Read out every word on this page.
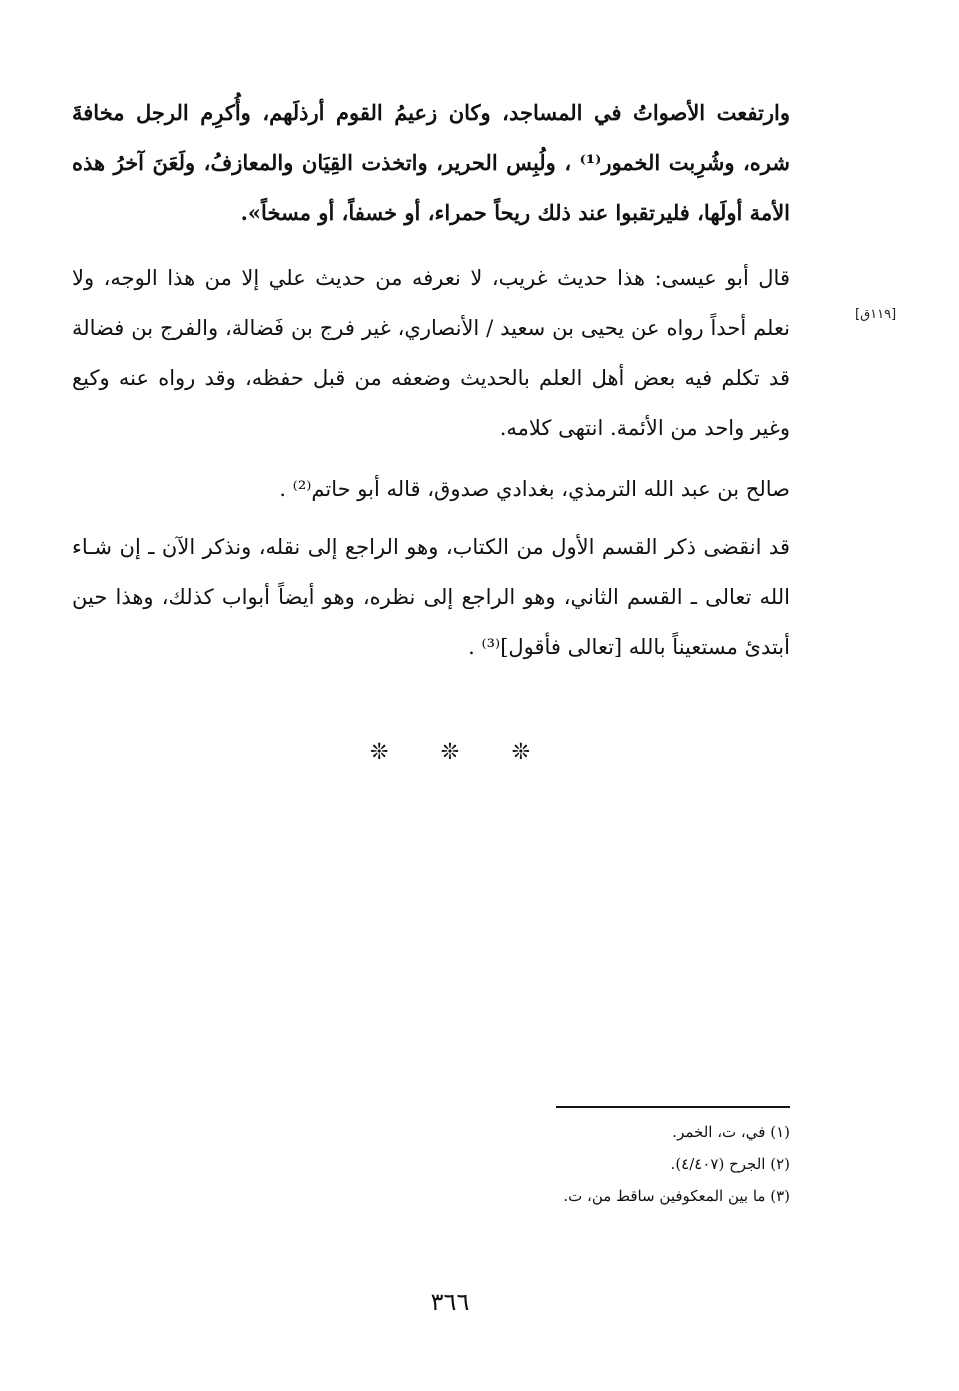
وارتفعت الأصواتُ في المساجد، وكان زعيمُ القوم أرذلَهم، وأُكرِم الرجل مخافةَ شره، وشُرِبت الخمور⁽¹⁾ ، ولُبِس الحرير، واتخذت القِيَان والمعازفُ، ولَعَنَ آخرُ هذه الأمة أولَها، فليرتقبوا عند ذلك ريحاً حمراء، أو خسفاً، أو مسخاً».

قال أبو عيسى: هذا حديث غريب، لا نعرفه من حديث علي إلا من هذا الوجه، ولا نعلم أحداً رواه عن يحيى بن سعيد / الأنصاري، غير فرج بن فَضالة، والفرج بن فضالة قد تكلم فيه بعض أهل العلم بالحديث وضعفه من قبل حفظه، وقد رواه عنه وكيع وغير واحد من الأئمة. انتهى كلامه.

[١١٩ق]

صالح بن عبد الله الترمذي، بغدادي صدوق، قاله أبو حاتم⁽²⁾ .

قد انقضى ذكر القسم الأول من الكتاب، وهو الراجع إلى نقله، ونذكر الآن ـ إن شـاء الله تعالى ـ القسم الثاني، وهو الراجع إلى نظره، وهو أيضاً أبواب كذلك، وهذا حين أبتدئ مستعيناً بالله [تعالى فأقول]⁽³⁾ .

❊ ❊ ❊
(١) في، ت، الخمر.
(٢) الجرح (٤/٤٠٧).
(٣) ما بين المعكوفين ساقط من، ت.
٣٦٦
